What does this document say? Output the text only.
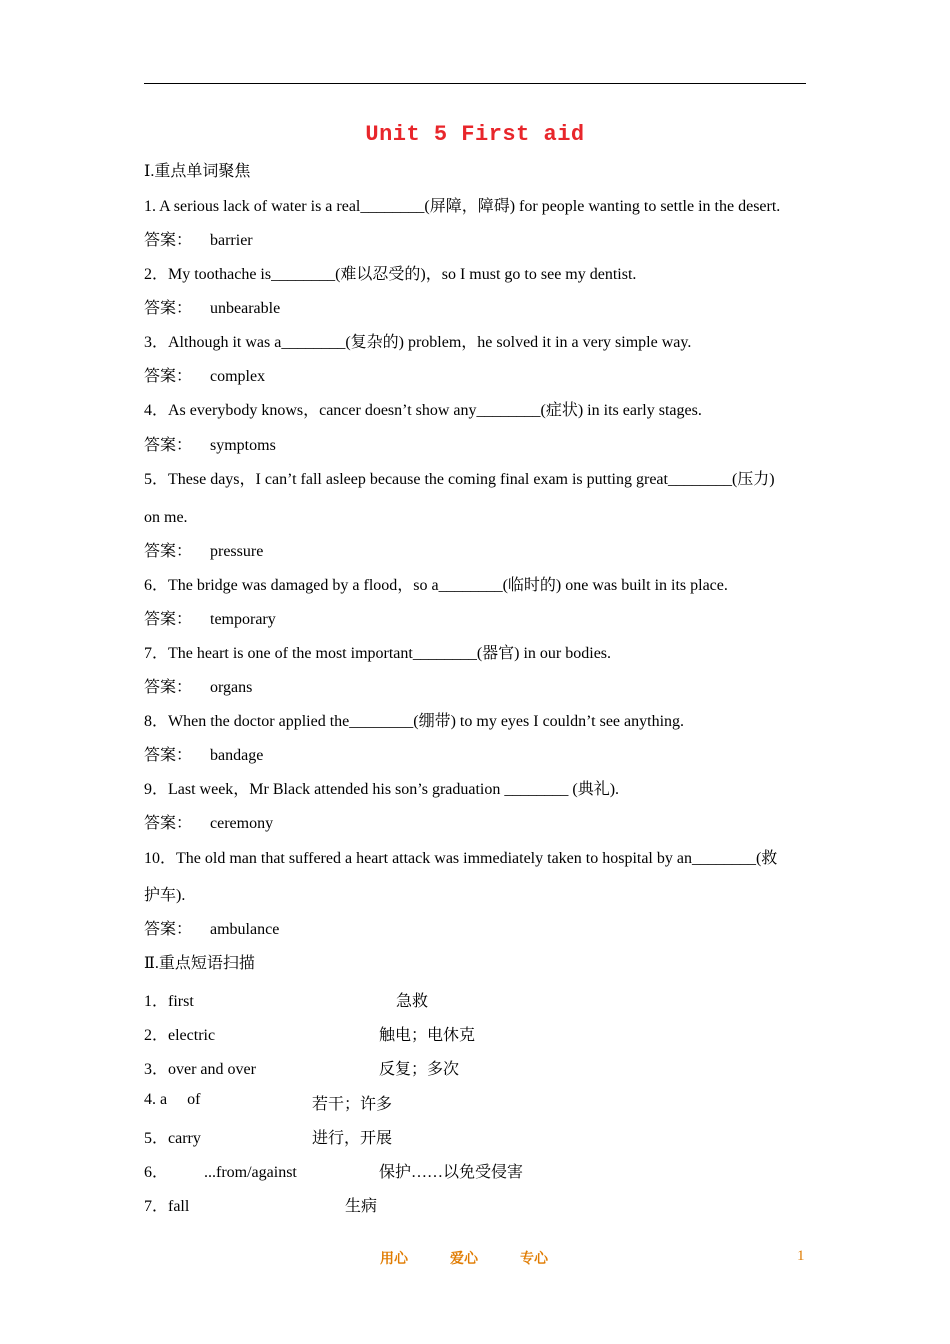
Unit 5 First aid
Ⅰ.重点单词聚焦
1. A serious lack of water is a real________(屏障，障碍) for people wanting to settle in the desert.
答案： barrier
2．My toothache is________(难以忍受的)，so I must go to see my dentist.
答案： unbearable
3．Although it was a________(复杂的) problem，he solved it in a very simple way.
答案： complex
4．As everybody knows，cancer doesn’t show any________(症状) in its early stages.
答案： symptoms
5．These days，I can’t fall asleep because the coming final exam is putting great________(压力)
on me.
答案： pressure
6．The bridge was damaged by a flood，so a________(临时的) one was built in its place.
答案： temporary
7．The heart is one of the most important________(器官) in our bodies.
答案： organs
8．When the doctor applied the________(绷带) to my eyes I couldn’t see anything.
答案： bandage
9．Last week，Mr Black attended his son’s graduation ________ (典礼).
答案： ceremony
10．The old man that suffered a heart attack was immediately taken to hospital by an________(救
护车).
答案： ambulance
Ⅱ.重点短语扫描
1．first	急救
2．electric	触电；电休克
3．over and over	反复；多次
4. a     of	若干；许多
5．carry	进行，开展
6．         ...from/against	保护……以免受侵害
7．fall	生病
用心	爱心	专心	1
